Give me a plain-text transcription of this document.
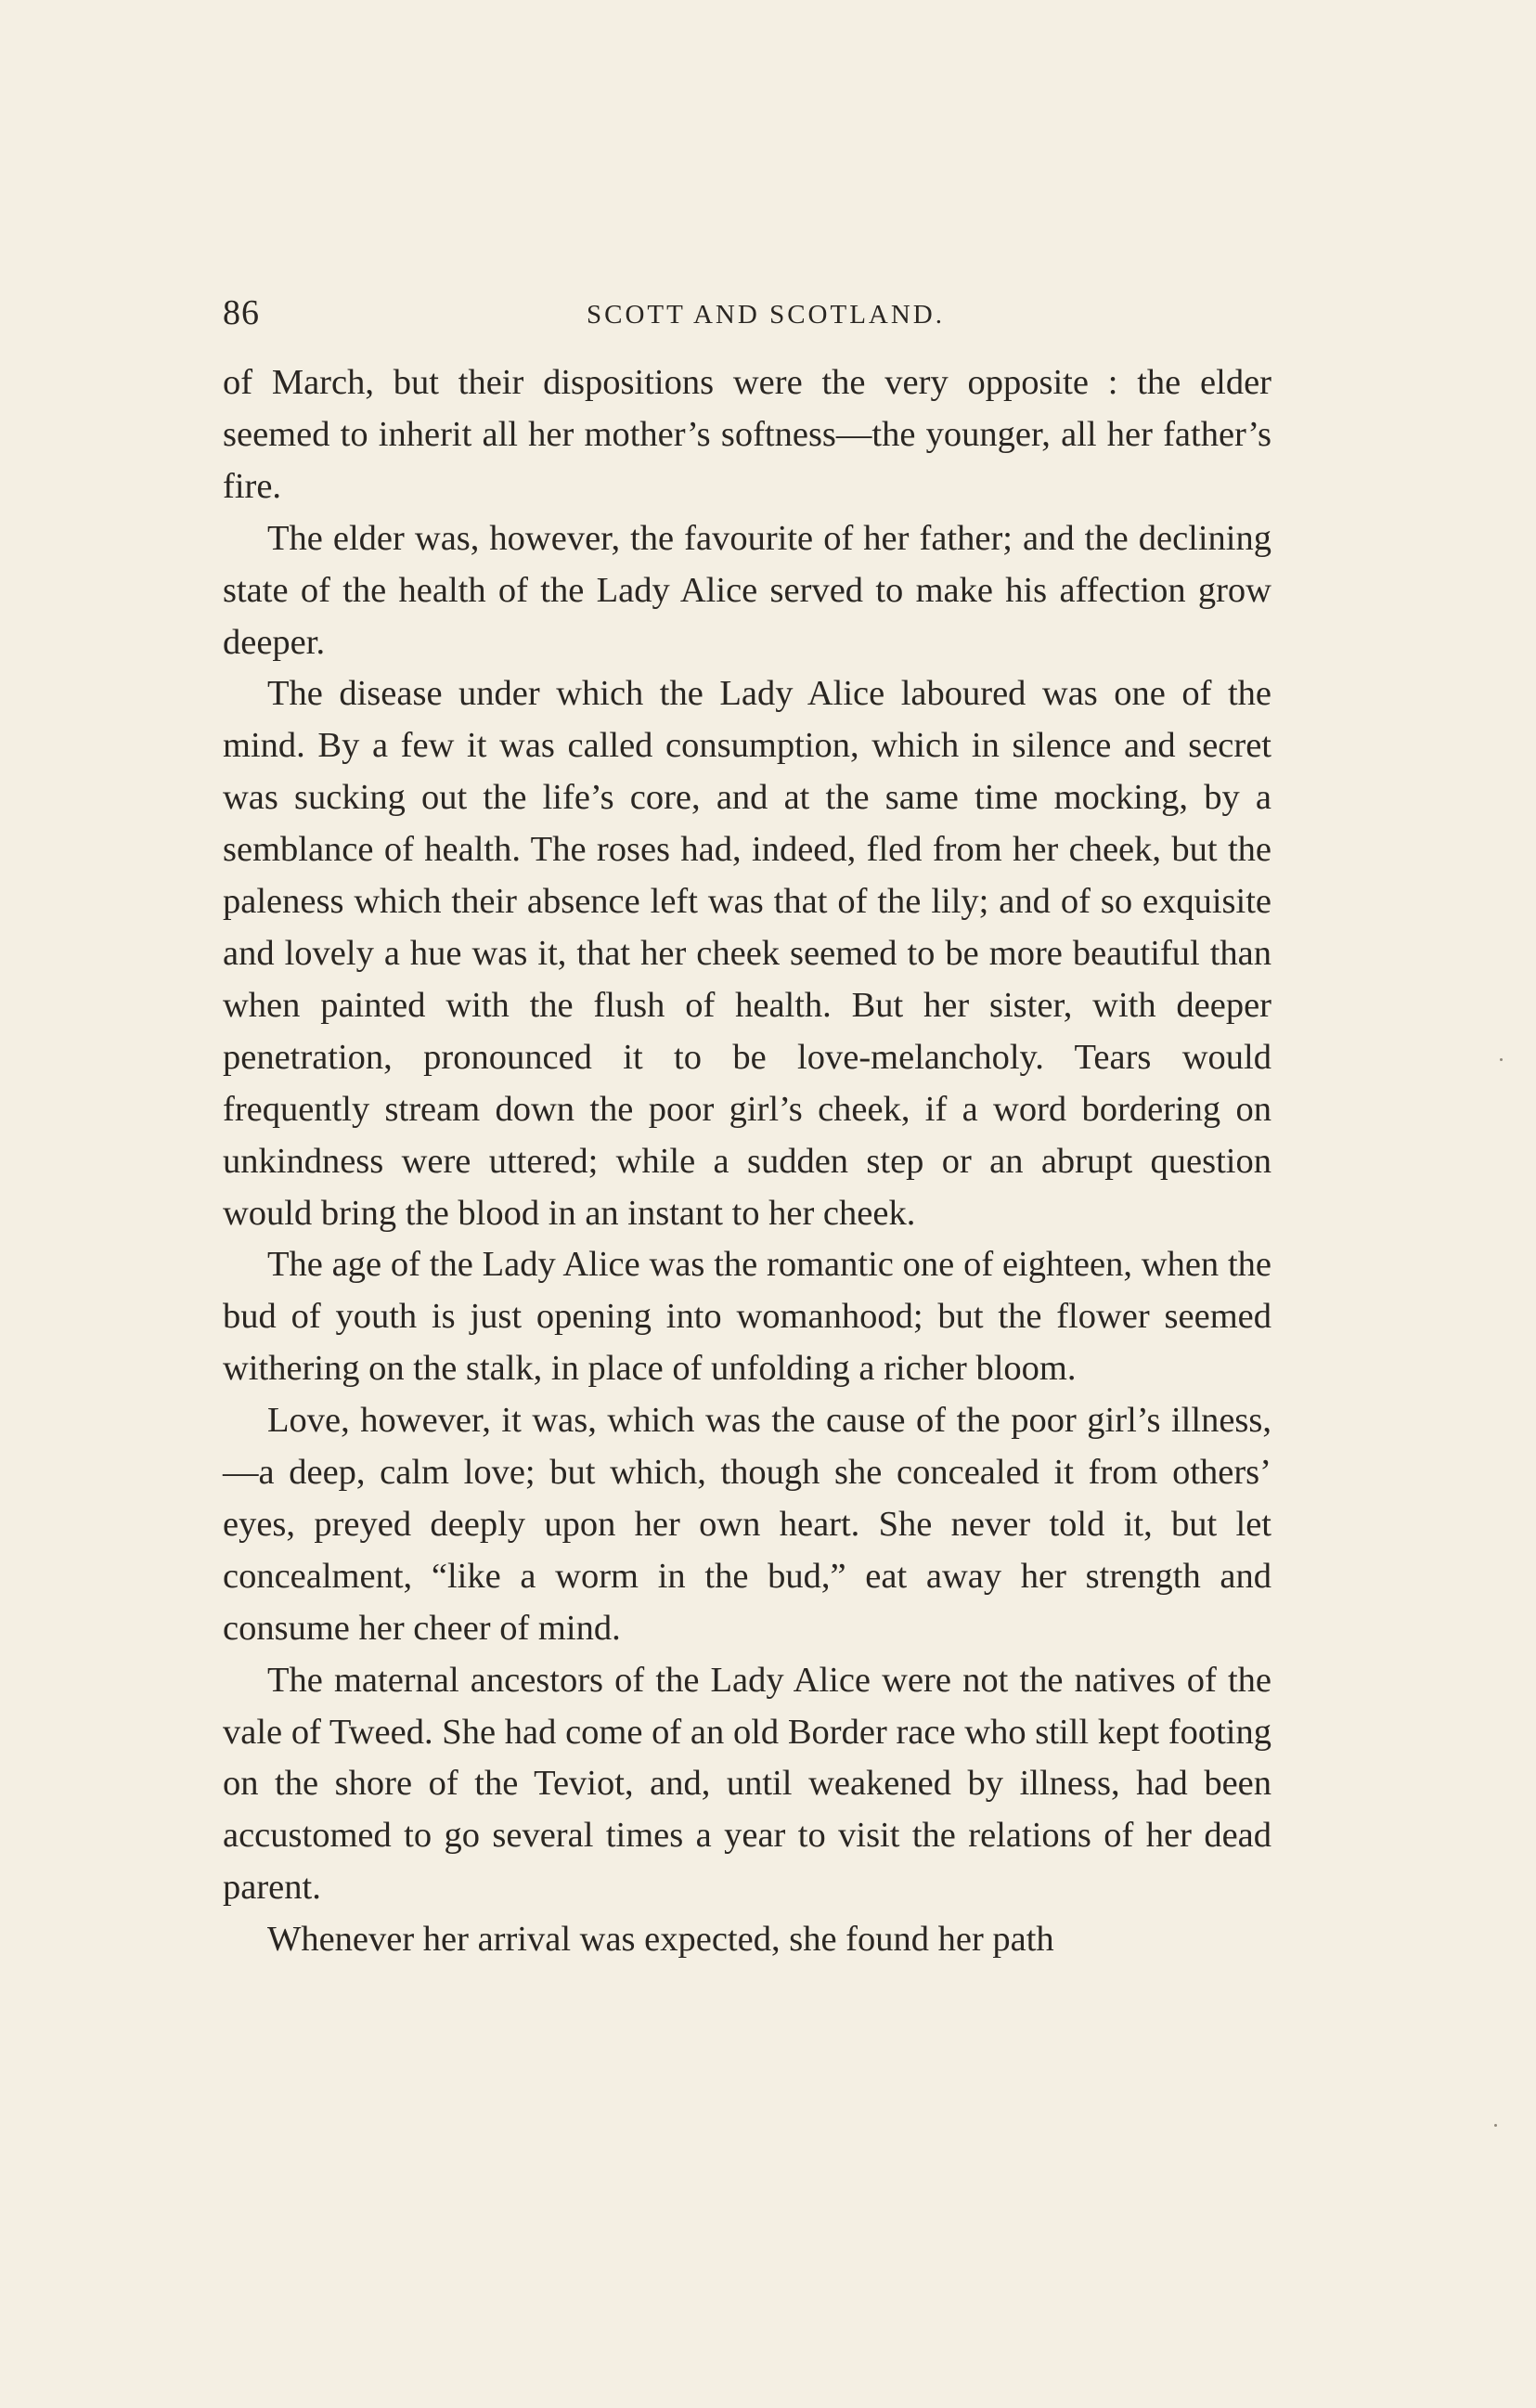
86	SCOTT AND SCOTLAND.

of March, but their dispositions were the very opposite : the elder seemed to inherit all her mother’s softness—the younger, all her father’s fire.

The elder was, however, the favourite of her father; and the declining state of the health of the Lady Alice served to make his affection grow deeper.

The disease under which the Lady Alice laboured was one of the mind. By a few it was called consumption, which in silence and secret was sucking out the life’s core, and at the same time mocking, by a semblance of health. The roses had, indeed, fled from her cheek, but the paleness which their absence left was that of the lily; and of so exquisite and lovely a hue was it, that her cheek seemed to be more beautiful than when painted with the flush of health. But her sister, with deeper penetration, pronounced it to be love-melancholy. Tears would frequently stream down the poor girl’s cheek, if a word bordering on unkindness were uttered; while a sudden step or an abrupt question would bring the blood in an instant to her cheek.

The age of the Lady Alice was the romantic one of eighteen, when the bud of youth is just opening into womanhood; but the flower seemed withering on the stalk, in place of unfolding a richer bloom.

Love, however, it was, which was the cause of the poor girl’s illness,—a deep, calm love; but which, though she concealed it from others’ eyes, preyed deeply upon her own heart. She never told it, but let concealment, “like a worm in the bud,” eat away her strength and consume her cheer of mind.

The maternal ancestors of the Lady Alice were not the natives of the vale of Tweed. She had come of an old Border race who still kept footing on the shore of the Teviot, and, until weakened by illness, had been accustomed to go several times a year to visit the relations of her dead parent.

Whenever her arrival was expected, she found her path
